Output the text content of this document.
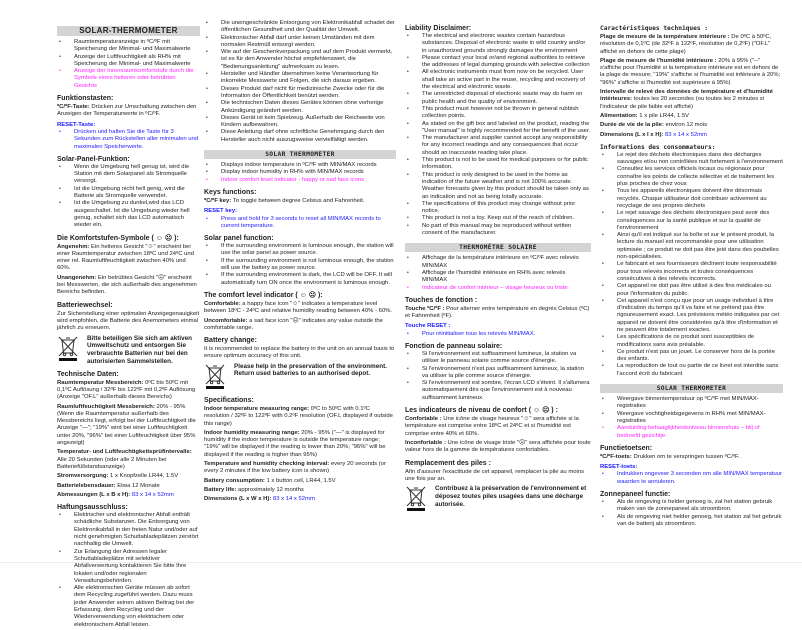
SOLAR-THERMOMETER
• Raumtemperaturanzeige in ºC/ºF mit Speicherung der Minimal- und Maximalwerte
• Anzeige der Luftfeuchtigkeit als RH% mit Speicherung der Minimal- und Maximalwerte
• Anzeige der Innenraumkomfortstufe durch die Symbole eines heiteren oder betrübten Gesichts
Funktionstasten:
ºC/ºF-Taste: Drücken zur Umschaltung zwischen den Anzeigen der Temperaturwerte in ºC/ºF.
RESET-Taste:
• Drücken und halten Sie die Taste für 3 Sekunden zum Rückstellen aller minimalen und maximalen Speicherwerte.
Solar-Panel-Funktion:
• Wenn die Umgebung hell genug ist, wird die Station mit dem Solarpanel als Stromquelle versorgt.
• Ist die Umgebung nicht hell genig, wird die Batterie als Stromquelle verwendet.
• Ist die Umgebung zu dunkel,wird das LCD ausgeschaltet. Ist die Umgebung wieder hell genug, schaltet sich das LCD automatisch wieder ein.
Die Komfortstufen-Symbole ( ☺ ☹ ):
Angenehm: Ein heiteres Gesicht "☺" erscheint bei einer Raumtemperatur zwischen 18ºC und 24ºC und einer rel. Raumluftfeuchtigkeit zwischen 40% und 60%.
Unangenehm: Ein betrübtes Gesicht "☹" erscheint bei Messwerten, die sich außerhalb des angenehmen Bereichs befinden.
Batteriewechsel:
Zur Sicherstellung einer optimalen Anzeigegenauigkeit wird empfohlen, die Batterie des Anemometers einmal jährlich zu erneuern.
Bitte beteiligen Sie sich am aktiven Umweltschutz und entsorgen Sie verbrauchte Batterien nur bei den autorisierten Sammelstellen.
Technische Daten:
Raumtemperatur Messbereich: 0ºC bis 50ºC mit 0,1ºC Auflösung / 32ºF bis 122ºF mit 0,2ºF Auflösung (Anzeige "OF.L" außerhalb dieses Bereichs)
Raumluftfeuchtigkeit Messbereich: 20% - 95% (Wenn die Raumtemperatur außerhalb des Messbereichs liegt, erfolgt bei der Luftfeuchtigkeit die Anzeige "—"; "19%" wird bei einer Luftfeuchtigkeit unter 20%, "96%" bei einer Luftfeuchtigkeit über 95% angezeigt)
Temperatur- und Luftfeuchtigkeitsprüfintervalle: Alle 20 Sekunden (oder alle 2 Minuten bei Batteriefüllstandsanzeige)
Stromversorgung: 1 x Knopfzelle LR44, 1.5V
Batterielebensdauer: Etwa 12 Monate
Abmessungen (L x B x H): 83 x 14 x 52mm
Haftungsausschluss:
• Elektrischer und elektronischer Abfall enthält schädliche Substanzen. Die Entsorgung von Elektronikabfall in der freien Natur und/oder auf nicht genehmigten Schuttabladeplätzen zerstört nachhaltig die Umwelt.
• Zur Erlangung der Adressen legaler Schuttabladeplätze mit selektiver Abfallverwertung kontaktieren Sie bitte Ihre lokalen und/oder regionalen Verwaltungsbehörden.
• Alle elektronischen Geräte müssen ab sofort dem Recycling zugeführt werden. Dazu muss jeder Anwender seinen aktiven Beitrag bei der Erfassung, dem Recycling und der Wiederverwendung von elektrischem oder elektronischem Abfall leisten.
• Die uneingeschränkte Entsorgung von Elektronikabfall schadet der öffentlichen Gesundheit und der Qualität der Umwelt.
• Elektronischer Abfall darf unter keinen Umständen mit dem normalen Restmüll entsorgt werden.
• Wie auf der Geschenkverpackung und auf dem Produkt vermerkt, ist es für den Anwender höchst empfehlenswert, die "Bedienungsanleitung" aufmerksam zu lesen.
• Hersteller und Händler übernehmen keine Verantwortung für inkorrekte Messwerte und Folgen, die sich daraus ergeben.
• Dieses Produkt darf nicht für medizinische Zwecke oder für die Information der Öffentlichkeit benützt werden.
• Die technischen Daten dieses Gerätes können ohne vorherige Ankündigung geändert werden.
• Dieses Gerät ist kein Spielzeug. Außerhalb der Reichweite von Kindern aufbewahren.
• Diese Anleitung darf ohne schriftliche Genehmigung durch den Hersteller auch nicht auszugsweise vervielfältigt werden.
SOLAR THERMOMETER
• Displays indoor temperature in ºC/ºF with MIN/MAX records
• Display indoor humidity in RH% with MIN/MAX records
• Indoor comfort level indicator - happy or sad face icons
Keys functions:
ºC/ºF key: To toggle between degree Celsius and Fahrenheit.
RESET key:
• Press and hold for 3 seconds to reset all MIN/MAX records to current temperature.
Solar panel function:
• If the surrounding environment is luminous enough, the station will use the solar panel as power source.
• If the surrounding environment is not luminous enough, the station will use the battery as power source.
• If the surrounding environment is dark, the LCD will be OFF. It will automatically turn ON once the environment is luminous enough.
The comfort level indicator ( ☺ ☹ ):
Comfortable: a happy face icon "☺" indicates a temperature level between 18ºC - 24ºC and relative humidity reading between 40% - 60%.
Uncomfortable: a sad face icon "☹" indicates any value outside the comfortable range.
Battery change:
It is recommended to replace the battery in the unit on an annual basis to ensure optimum accuracy of this unit.
Please help in the preservation of the environment. Return used batteries to an authorised depot.
Specifications:
Indoor temperature measuring range: 0ºC to 50ºC with 0.1ºC resolution / 32ºF to 122ºF with 0.2ºF resolution (OF.L displayed if outside this range)
Indoor humidity measuring range: 20% - 95% ("—" is displayed for humidity if the indoor temperature is outside the temperature range; "19%" will be displayed if the reading is lower than 20%; "96%" will be displayed if the reading is higher than 95%)
Temperature and humidity checking interval: every 20 seconds (or every 2 minutes if the low battery icon is shown)
Battery consumption: 1 x button cell, LR44, 1.5V
Battery life: approximately 12 months
Dimensions (L x W x H): 83 x 14 x 52mm
Liability Disclaimer:
• The electrical and electronic wastes contain hazardous substances. Disposal of electronic waste in wild country and/or in unauthorized grounds strongly damages the environment
• Please contact your local or/and regional authorities to retrieve the addresses of legal dumping grounds with selective collection
• All electronic instruments must from now on be recycled. User shall take an active part in the reuse, recycling and recovery of the electrical and electronic waste.
• The unrestricted disposal of electronic waste may do harm on public health and the quality of environment.
• This product must however not be thrown in general rubbish collection points.
• As stated on the gift box and labeled on the product, reading the "User manual" is highly recommended for the benefit of the user.
• The manufacturer and supplier cannot accept any responsibility for any incorrect readings and any consequences that occur should an inaccurate reading take place.
• This product is not to be used for medical purposes or for public information.
• This product is only designed to be used in the home as indication of the future weather and is not 100% accurate. Weather forecasts given by this product should be taken only as an indication and not as being totally accurate.
• The specifications of this product may change without prior notice.
• This product is not a toy. Keep out of the reach of children.
• No part of this manual may be reproduced without written consent of the manufacturer.
THERMOMÈTRE SOLAIRE
• Affichage de la température intérieure en ºC/ºF avec relevés MIN/MAX
• Affichage de l'humidité intérieure en RH% avec relevés MIN/MAX
• Indicateur de confort intérieur – visage heureux ou triste
Touches de fonction :
Touche ºC/ºF : Pour alterner entre température en degrés Celsius (ºC) et Fahrenheit (ºF).
Touche RESET :
• Pour réinitialiser tous les relevés MIN/MAX.
Fonction de panneau solaire:
• Si l'environnement est suffisamment lumineux, la station va utiliser le panneau solaire comme source d'énergie.
• Si l'environnement n'est pas suffisamment lumineux, la station va utiliser la pile comme source d'énergie.
• Si l'environnement est sombre, l'écran LCD s'éteint. Il s'allumera automatiquement dès que l'environnement est à nouveau suffisamment lumineux.
Les indicateurs de niveau de confort ( ☺ ☹ ) :
Confortable : Une icône de visage heureux "☺" sera affichée si la température est comprise entre 18ºC et 24ºC et si l'humidité est comprise entre 40% et 60%.
Inconfortable : Une icône de visage triste "☹" sera affichée pour toute valeur hors de la gamme de températures confortables.
Remplacement des piles :
Afin d'assurer l'exactitude de cet appareil, remplacer la pile au moins une fois par an.
Contribuez à la préservation de l'environnement et déposez toutes piles usagées dans une décharge autorisée.
Caractéristiques techniques :
Plage de mesure de la température intérieure : De 0ºC à 50ºC, résolution de 0,1ºC (de 32ºF à 122ºF, résolution de 0,2ºF) ("OF.L" affiché en dehors de cette plage)
Plage de mesure de l'humidité intérieure : 20% à 95% ("--" s'affiche pour l'humidité si la température intérieure est en dehors de la plage de mesure; "19%" s'affiche si l'humidité est inférieure à 20%; "96%" s'affiche si l'humidité est supérieure à 95%)
Intervalle de relevé des données de température et d'humidité intérieures: toutes les 20 secondes (ou toutes les 2 minutes si l'indicateur de pile faible est affiché)
Alimentation: 1 x pile LR44, 1.5V
Durée de vie de la pile: environ 12 mois
Dimensions (L x l x H): 83 x 14 x 52mm
Informations des consommateurs:
• Le rejet des déchets électroniques dans des décharges sauvages et/ou non contrôlées nuit fortement à l'environnement
• Consultez les services officiels locaux ou régionaux pour connaître les points de collecte sélective et de traitement les plus proches de chez vous
• Tous les appareils électroniques doivent être désormais recyclés. Chaque utilisateur doit contribuer activement au recyclage de ses propres déchets
• Le rejet sauvage des déchets électroniques peut avoir des conséquences sur la santé publique et sur la qualité de l'environnement
• Ainsi qu'il est indiqué sur la boîte et sur le présent produit, la lecture du manuel est recommandée pour une utilisation optimisée ; ce produit ne doit pas être jeté dans des poubelles non-spécialisées.
• Le fabricant et ses fournisseurs déclinent toute responsabilité pour tous relevés incorrects et toutes conséquences consécutives à des relevés incorrects.
• Cet appareil ne doit pas être utilisé à des fins médicales ou pour l'information du public.
• Cet appareil n'est conçu que pour un usage individuel à titre d'indication du temps qu'il va faire et ne prétend pas être rigoureusement exact. Les prévisions météo indiquées par cet appareil ne doivent être considérées qu'à titre d'information et ne peuvent être totalement exactes.
• Les spécifications de ce produit sont susceptibles de modifications sans avis préalable.
• Ce produit n'est pas un jouet. Le conserver hors de la portée des enfants.
• La reproduction de tout ou partie de ce livret est interdite sans l'accord écrit du fabricant
SOLAR THERMOMETER
• Weergave binnentemperatuur op ºC/ºF met MIN/MAX-registraties
• Weergave vochtigheidsgegevens in RH% met MIN/MAX-registraties
• Aanduiding behaaglijkheidsniveau binnenshuis – blij of bedroefd gezichtje.
Functietoetsen:
ºC/ºF-toets: Drukken om te verspringen tussen ºC/ºF.
RESET-toets:
• Indrukken ongeveer 3 seconden om alle MIN/MAX temperatuur waarden te annuleren.
Zonnepaneel functie:
• Als de omgeving is helder genoeg is, zal het station gebruik maken van de zonnepaneel als stroombron.
• Als de omgeving niet helder genoeg, het station zal het gebruik van de batterij als stroombron.
